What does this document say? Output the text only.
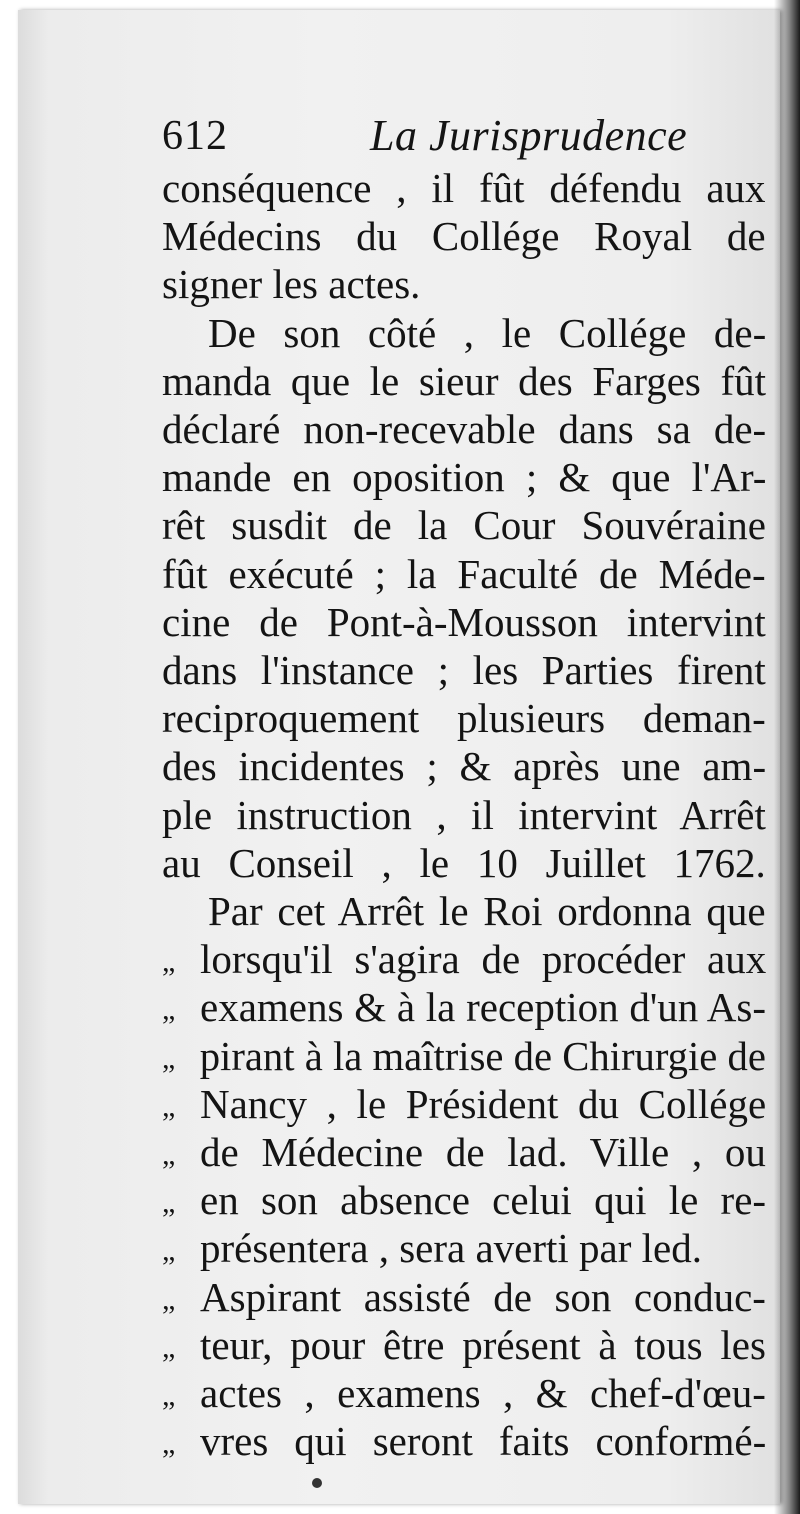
612	La Jurisprudence
conséquence , il fût défendu aux
Médecins du Collége Royal de
signer les actes.
De son côté , le Collége de-
manda que le sieur des Farges fût
déclaré non-recevable dans sa de-
mande en oposition ; & que l'Ar-
rêt susdit de la Cour Souvéraine
fût exécuté ; la Faculté de Méde-
cine de Pont-à-Mousson intervint
dans l'instance ; les Parties firent
reciproquement plusieurs deman-
des incidentes ; & après une am-
ple instruction , il intervint Arrêt
au Conseil , le 10 Juillet 1762.
Par cet Arrêt le Roi ordonna que
„ lorsqu'il s'agira de procéder aux
„ examens & à la reception d'un As-
„ pirant à la maîtrise de Chirurgie de
„ Nancy , le Président du Collége
„ de Médecine de lad. Ville , ou
„ en son absence celui qui le re-
„ présentera , sera averti par led.
„ Aspirant assisté de son conduc-
„ teur, pour être présent à tous les
„ actes , examens , & chef-d'œu-
„ vres qui seront faits conformé-
